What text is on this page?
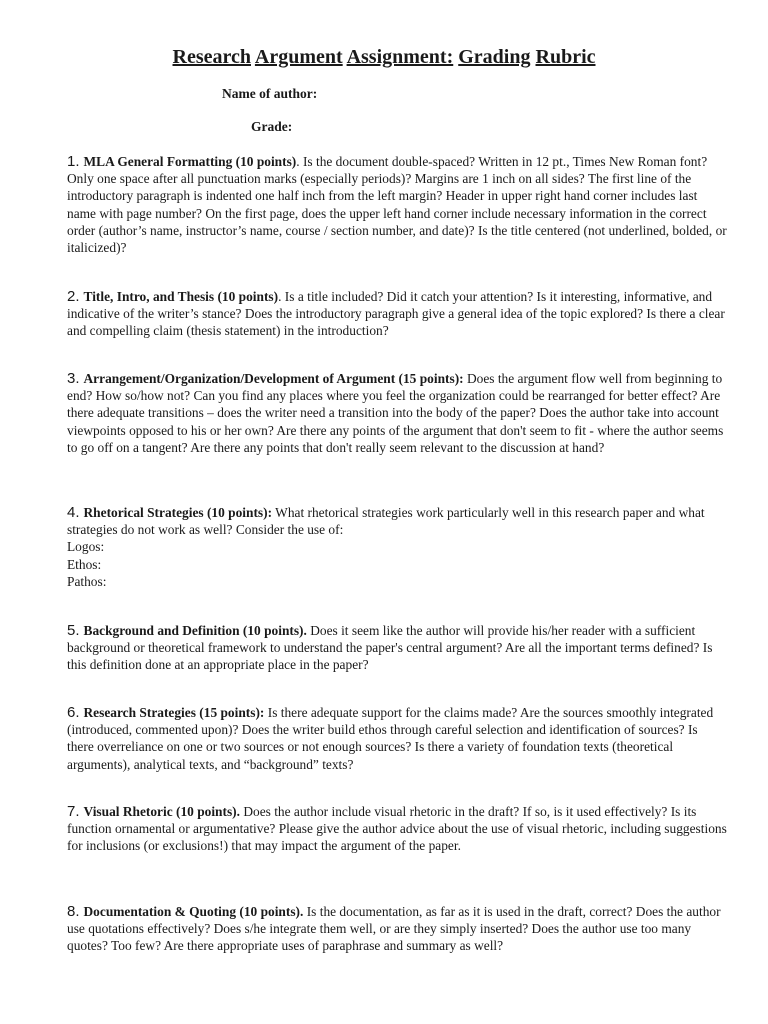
Research Argument Assignment: Grading Rubric
Name of author:
Grade:
1. MLA General Formatting (10 points). Is the document double-spaced? Written in 12 pt., Times New Roman font? Only one space after all punctuation marks (especially periods)? Margins are 1 inch on all sides? The first line of the introductory paragraph is indented one half inch from the left margin? Header in upper right hand corner includes last name with page number? On the first page, does the upper left hand corner include necessary information in the correct order (author’s name, instructor’s name, course / section number, and date)? Is the title centered (not underlined, bolded, or italicized)?
2. Title, Intro, and Thesis (10 points). Is a title included? Did it catch your attention? Is it interesting, informative, and indicative of the writer’s stance? Does the introductory paragraph give a general idea of the topic explored? Is there a clear and compelling claim (thesis statement) in the introduction?
3. Arrangement/Organization/Development of Argument (15 points): Does the argument flow well from beginning to end? How so/how not? Can you find any places where you feel the organization could be rearranged for better effect? Are there adequate transitions – does the writer need a transition into the body of the paper? Does the author take into account viewpoints opposed to his or her own? Are there any points of the argument that don't seem to fit - where the author seems to go off on a tangent? Are there any points that don't really seem relevant to the discussion at hand?
4. Rhetorical Strategies (10 points): What rhetorical strategies work particularly well in this research paper and what strategies do not work as well? Consider the use of:
Logos:
Ethos:
Pathos:
5. Background and Definition (10 points). Does it seem like the author will provide his/her reader with a sufficient background or theoretical framework to understand the paper's central argument? Are all the important terms defined? Is this definition done at an appropriate place in the paper?
6. Research Strategies (15 points): Is there adequate support for the claims made? Are the sources smoothly integrated (introduced, commented upon)? Does the writer build ethos through careful selection and identification of sources? Is there overreliance on one or two sources or not enough sources? Is there a variety of foundation texts (theoretical arguments), analytical texts, and “background” texts?
7. Visual Rhetoric (10 points). Does the author include visual rhetoric in the draft? If so, is it used effectively? Is its function ornamental or argumentative? Please give the author advice about the use of visual rhetoric, including suggestions for inclusions (or exclusions!) that may impact the argument of the paper.
8. Documentation & Quoting (10 points). Is the documentation, as far as it is used in the draft, correct? Does the author use quotations effectively? Does s/he integrate them well, or are they simply inserted? Does the author use too many quotes? Too few? Are there appropriate uses of paraphrase and summary as well?
